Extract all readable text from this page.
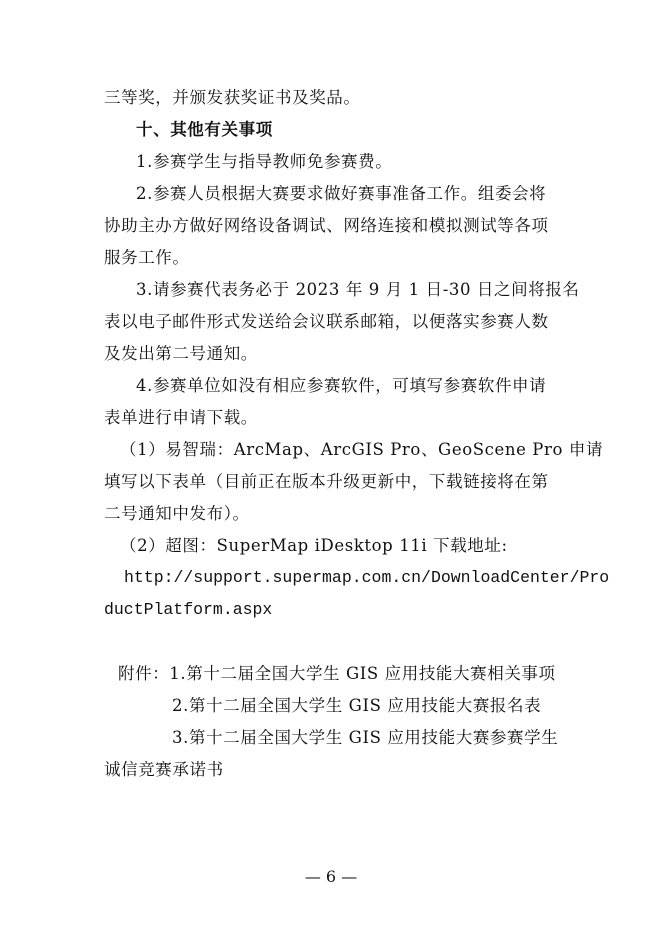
三等奖，并颁发获奖证书及奖品。
十、其他有关事项
1.参赛学生与指导教师免参赛费。
2.参赛人员根据大赛要求做好赛事准备工作。组委会将
协助主办方做好网络设备调试、网络连接和模拟测试等各项
服务工作。
3.请参赛代表务必于 2023 年 9 月 1 日-30 日之间将报名
表以电子邮件形式发送给会议联系邮箱，以便落实参赛人数
及发出第二号通知。
4.参赛单位如没有相应参赛软件，可填写参赛软件申请
表单进行申请下载。
（1）易智瑞：ArcMap、ArcGIS Pro、GeoScene Pro 申请
填写以下表单（目前正在版本升级更新中，下载链接将在第
二号通知中发布）。
（2）超图：SuperMap iDesktop 11i 下载地址:
http://support.supermap.com.cn/DownloadCenter/Pro
ductPlatform.aspx
附件：1.第十二届全国大学生 GIS 应用技能大赛相关事项
2.第十二届全国大学生 GIS 应用技能大赛报名表
3.第十二届全国大学生 GIS 应用技能大赛参赛学生
诚信竞赛承诺书
— 6 —
